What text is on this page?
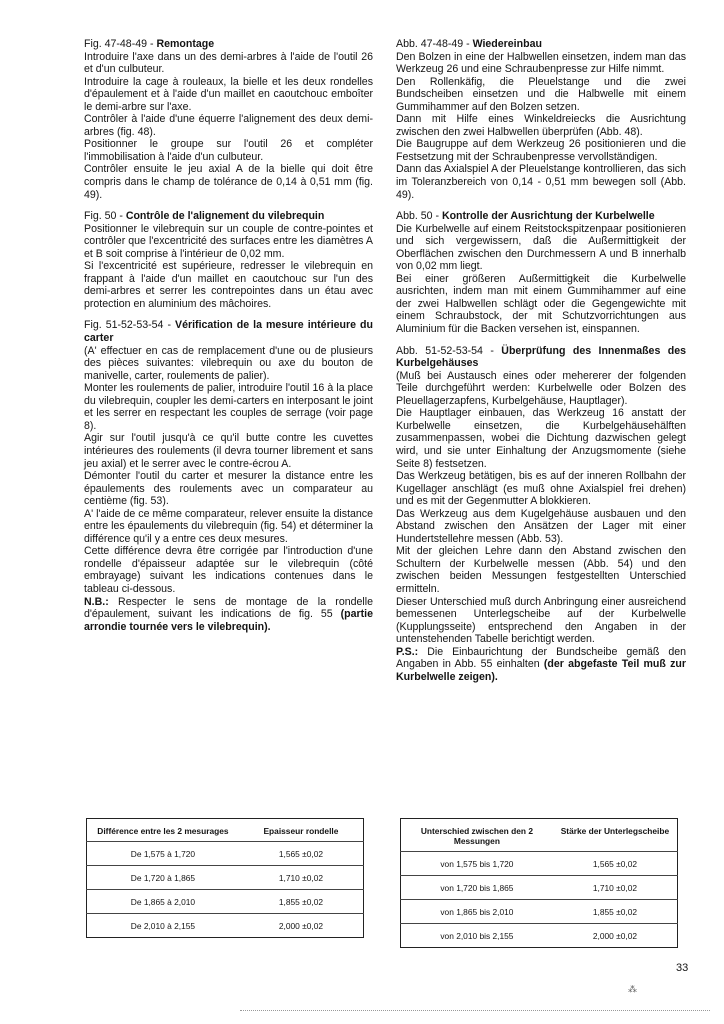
Fig. 47-48-49 - Remontage

Introduire l'axe dans un des demi-arbres à l'aide de l'outil 26 et d'un culbuteur.

Introduire la cage à rouleaux, la bielle et les deux rondelles d'épaulement et à l'aide d'un maillet en caoutchouc emboîter le demi-arbre sur l'axe.

Contrôler à l'aide d'une équerre l'alignement des deux demi-arbres (fig. 48).

Positionner le groupe sur l'outil 26 et compléter l'immobilisation à l'aide d'un culbuteur.

Contrôler ensuite le jeu axial A de la bielle qui doit être compris dans le champ de tolérance de 0,14 à 0,51 mm (fig. 49).

Fig. 50 - Contrôle de l'alignement du vilebrequin

Positionner le vilebrequin sur un couple de contre-pointes et contrôler que l'excentricité des surfaces entre les diamètres A et B soit comprise à l'intérieur de 0,02 mm.

Si l'excentricité est supérieure, redresser le vilebrequin en frappant à l'aide d'un maillet en caoutchouc sur l'un des demi-arbres et serrer les contrepointes dans un étau avec protection en aluminium des mâchoires.

Fig. 51-52-53-54 - Vérification de la mesure intérieure du carter

(A' effectuer en cas de remplacement d'une ou de plusieurs des pièces suivantes: vilebrequin ou axe du bouton de manivelle, carter, roulements de palier).

Monter les roulements de palier, introduire l'outil 16 à la place du vilebrequin, coupler les demi-carters en interposant le joint et les serrer en respectant les couples de serrage (voir page 8).

Agir sur l'outil jusqu'à ce qu'il butte contre les cuvettes intérieures des roulements (il devra tourner librement et sans jeu axial) et le serrer avec le contre-écrou A.

Démonter l'outil du carter et mesurer la distance entre les épaulements des roulements avec un comparateur au centième (fig. 53).

A' l'aide de ce même comparateur, relever ensuite la distance entre les épaulements du vilebrequin (fig. 54) et déterminer la différence qu'il y a entre ces deux mesures.

Cette différence devra être corrigée par l'introduction d'une rondelle d'épaisseur adaptée sur le vilebrequin (côté embrayage) suivant les indications contenues dans le tableau ci-dessous.

N.B.: Respecter le sens de montage de la rondelle d'épaulement, suivant les indications de fig. 55 (partie arrondie tournée vers le vilebrequin).

Abb. 47-48-49 - Wiedereinbau

Den Bolzen in eine der Halbwellen einsetzen, indem man das Werkzeug 26 und eine Schraubenpresse zur Hilfe nimmt.

Den Rollenkäfig, die Pleuelstange und die zwei Bundscheiben einsetzen und die Halbwelle mit einem Gummihammer auf den Bolzen setzen.

Dann mit Hilfe eines Winkeldreiecks die Ausrichtung zwischen den zwei Halbwellen überprüfen (Abb. 48).

Die Baugruppe auf dem Werkzeug 26 positionieren und die Festsetzung mit der Schraubenpresse vervollständigen.

Dann das Axialspiel A der Pleuelstange kontrollieren, das sich im Toleranzbereich von 0,14 - 0,51 mm bewegen soll (Abb. 49).

Abb. 50 - Kontrolle der Ausrichtung der Kurbelwelle

Die Kurbelwelle auf einem Reitstockspitzenpaar positionieren und sich vergewissern, daß die Außermittigkeit der Oberflächen zwischen den Durchmessern A und B innerhalb von 0,02 mm liegt.

Bei einer größeren Außermittigkeit die Kurbelwelle ausrichten, indem man mit einem Gummihammer auf eine der zwei Halbwellen schlägt oder die Gegengewichte mit einem Schraubstock, der mit Schutzvorrichtungen aus Aluminium für die Backen versehen ist, einspannen.

Abb. 51-52-53-54 - Überprüfung des Innenmaßes des Kurbelgehäuses

(Muß bei Austausch eines oder mehererer der folgenden Teile durchgeführt werden: Kurbelwelle oder Bolzen des Pleuellagerzapfens, Kurbelgehäuse, Hauptlager).

Die Hauptlager einbauen, das Werkzeug 16 anstatt der Kurbelwelle einsetzen, die Kurbelgehäusehälften zusammenpassen, wobei die Dichtung dazwischen gelegt wird, und sie unter Einhaltung der Anzugsmomente (siehe Seite 8) festsetzen.

Das Werkzeug betätigen, bis es auf der inneren Rollbahn der Kugellager anschlägt (es muß ohne Axialspiel frei drehen) und es mit der Gegenmutter A blokkieren.

Das Werkzeug aus dem Kugelgehäuse ausbauen und den Abstand zwischen den Ansätzen der Lager mit einer Hundertstellehre messen (Abb. 53).

Mit der gleichen Lehre dann den Abstand zwischen den Schultern der Kurbelwelle messen (Abb. 54) und den zwischen beiden Messungen festgestellten Unterschied ermitteln.

Dieser Unterschied muß durch Anbringung einer ausreichend bemessenen Unterlegscheibe auf der Kurbelwelle (Kupplungsseite) entsprechend den Angaben in der untenstehenden Tabelle berichtigt werden.

P.S.: Die Einbaurichtung der Bundscheibe gemäß den Angaben in Abb. 55 einhalten (der abgefaste Teil muß zur Kurbelwelle zeigen).

Différence entre les 2 mesurages	Epaisseur rondelle
De 1,575 à 1,720	1,565 ±0,02
De 1,720 à 1,865	1,710 ±0,02
De 1,865 à 2,010	1,855 ±0,02
De 2,010 à 2,155	2,000 ±0,02
Unterschied zwischen den 2 Messungen	Stärke der Unterlegscheibe
von 1,575 bis 1,720	1,565 ±0,02
von 1,720 bis 1,865	1,710 ±0,02
von 1,865 bis 2,010	1,855 ±0,02
von 2,010 bis 2,155	2,000 ±0,02
33
⁂
